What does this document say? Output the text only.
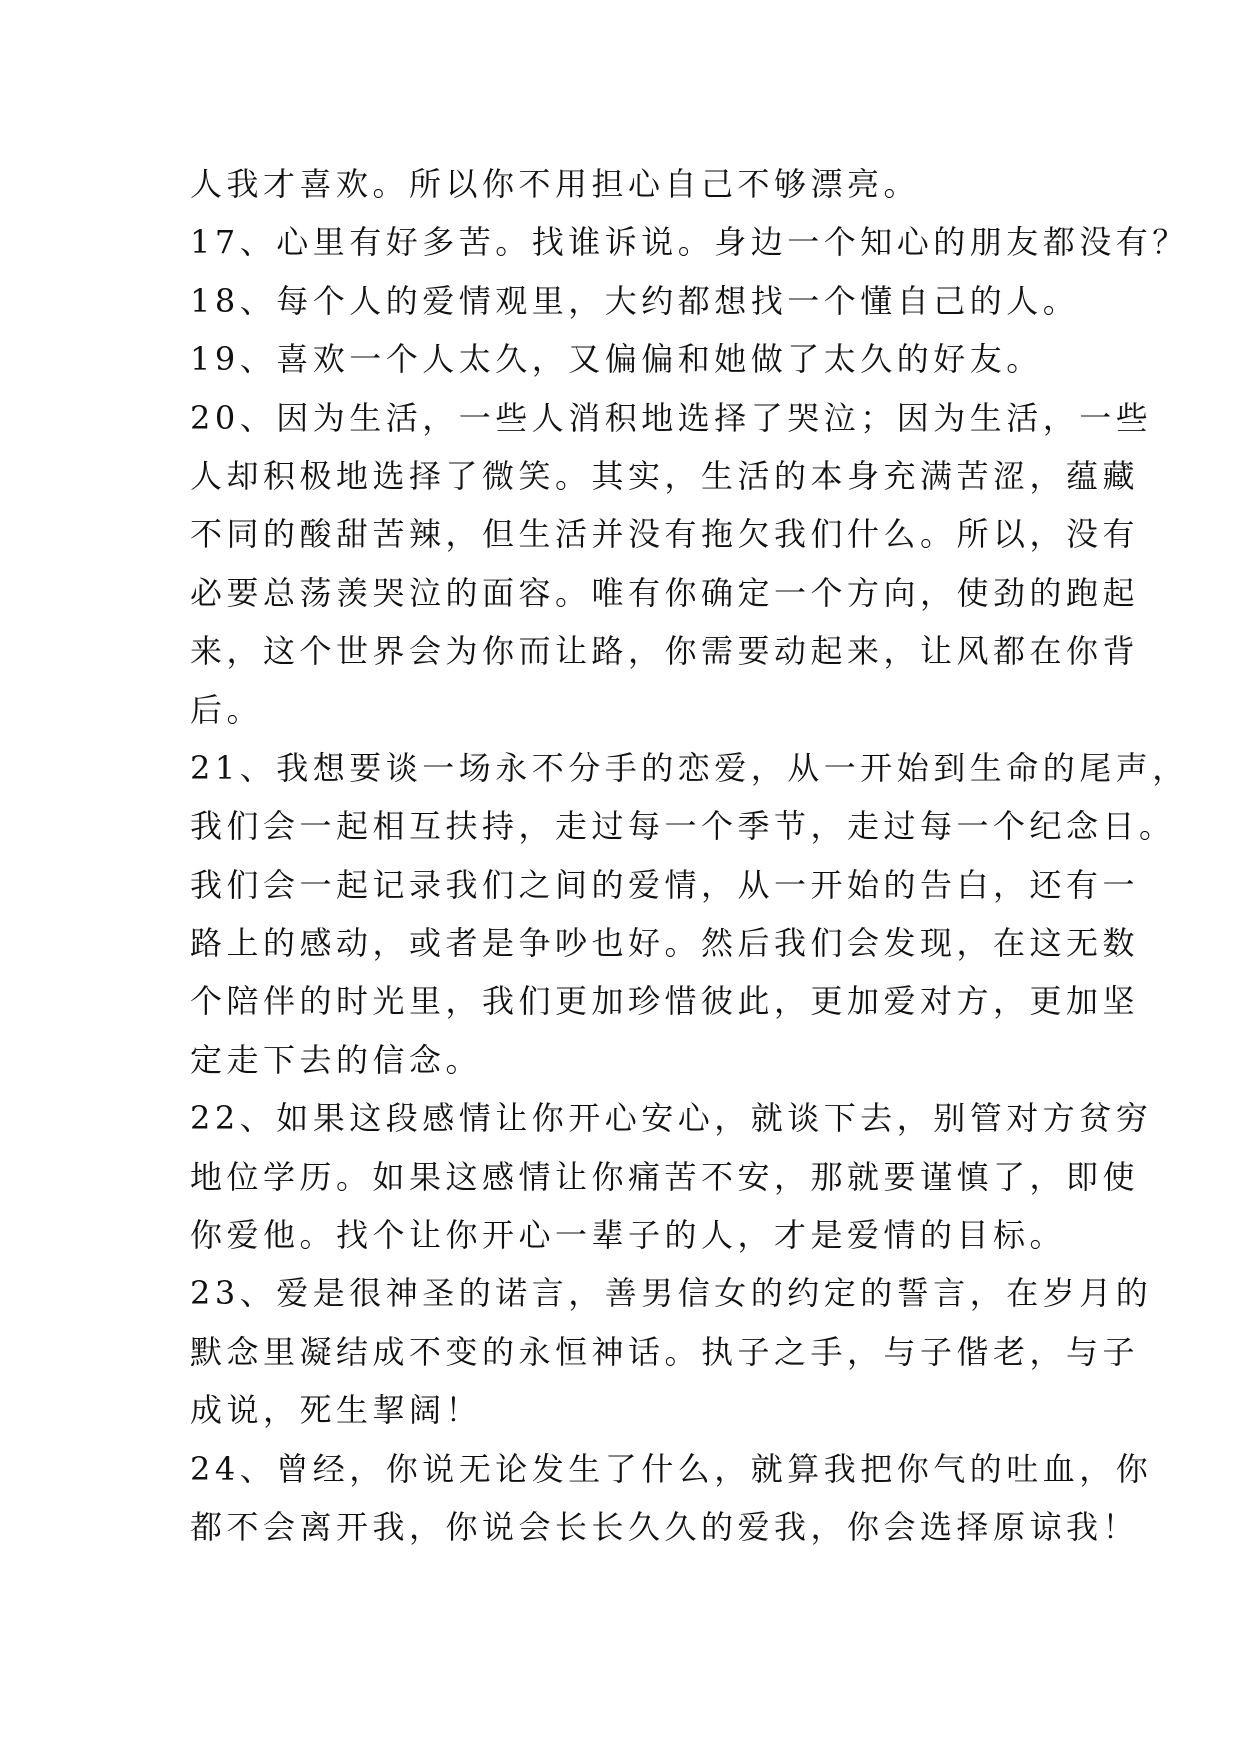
人我才喜欢。所以你不用担心自己不够漂亮。
17、心里有好多苦。找谁诉说。身边一个知心的朋友都没有？
18、每个人的爱情观里，大约都想找一个懂自己的人。
19、喜欢一个人太久，又偏偏和她做了太久的好友。
20、因为生活，一些人消积地选择了哭泣；因为生活，一些
人却积极地选择了微笑。其实，生活的本身充满苦涩，蕴藏
不同的酸甜苦辣，但生活并没有拖欠我们什么。所以，没有
必要总荡羡哭泣的面容。唯有你确定一个方向，使劲的跑起
来，这个世界会为你而让路，你需要动起来，让风都在你背
后。
21、我想要谈一场永不分手的恋爱，从一开始到生命的尾声，
我们会一起相互扶持，走过每一个季节，走过每一个纪念日。
我们会一起记录我们之间的爱情，从一开始的告白，还有一
路上的感动，或者是争吵也好。然后我们会发现，在这无数
个陪伴的时光里，我们更加珍惜彼此，更加爱对方，更加坚
定走下去的信念。
22、如果这段感情让你开心安心，就谈下去，别管对方贫穷
地位学历。如果这感情让你痛苦不安，那就要谨慎了，即使
你爱他。找个让你开心一辈子的人，才是爱情的目标。
23、爱是很神圣的诺言，善男信女的约定的誓言，在岁月的
默念里凝结成不变的永恒神话。执子之手，与子偕老，与子
成说，死生挈阔！
24、曾经，你说无论发生了什么，就算我把你气的吐血，你
都不会离开我，你说会长长久久的爱我，你会选择原谅我！
